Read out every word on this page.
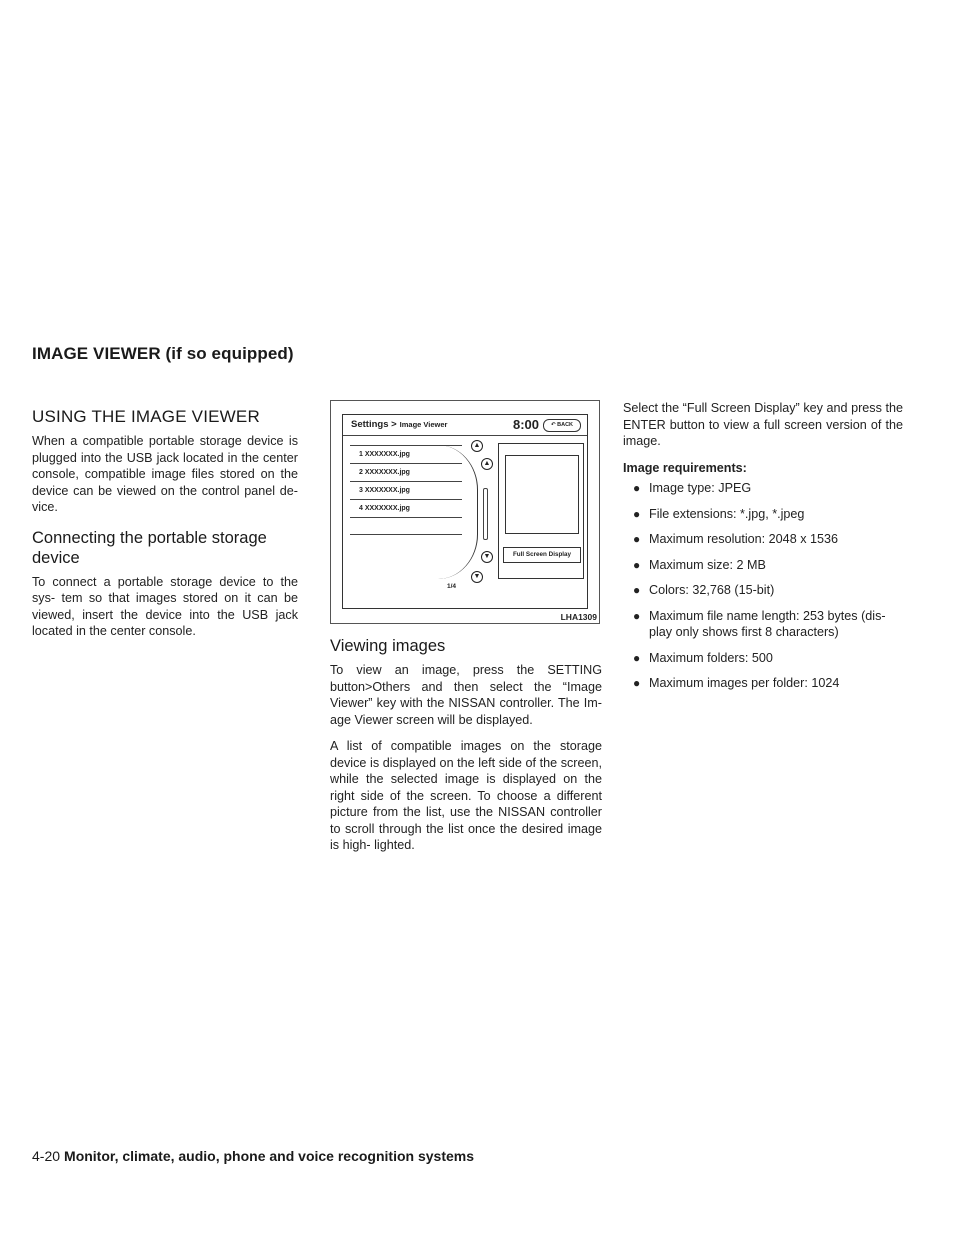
IMAGE VIEWER (if so equipped)
USING THE IMAGE VIEWER

When a compatible portable storage device is plugged into the USB jack located in the center console, compatible image files stored on the device can be viewed on the control panel de- vice.

Connecting the portable storage device

To connect a portable storage device to the sys- tem so that images stored on it can be viewed, insert the device into the USB jack located in the center console.

Settings > Image Viewer	8:00	↶ BACK
1 XXXXXXX.jpg
2 XXXXXXX.jpg
3 XXXXXXX.jpg
4 XXXXXXX.jpg
▲
▲
▼
▼
1/4
Full Screen Display
LHA1309
Viewing images

To view an image, press the SETTING button>Others and then select the “Image Viewer” key with the NISSAN controller. The Im- age Viewer screen will be displayed.

A list of compatible images on the storage device is displayed on the left side of the screen, while the selected image is displayed on the right side of the screen. To choose a different picture from the list, use the NISSAN controller to scroll through the list once the desired image is high- lighted.

Select the “Full Screen Display” key and press the ENTER button to view a full screen version of the image.

Image requirements:
● Image type: JPEG
● File extensions: *.jpg, *.jpeg
● Maximum resolution: 2048 x 1536
● Maximum size: 2 MB
● Colors: 32,768 (15-bit)
● Maximum file name length: 253 bytes (dis- play only shows first 8 characters)
● Maximum folders: 500
● Maximum images per folder: 1024
4-20 Monitor, climate, audio, phone and voice recognition systems
